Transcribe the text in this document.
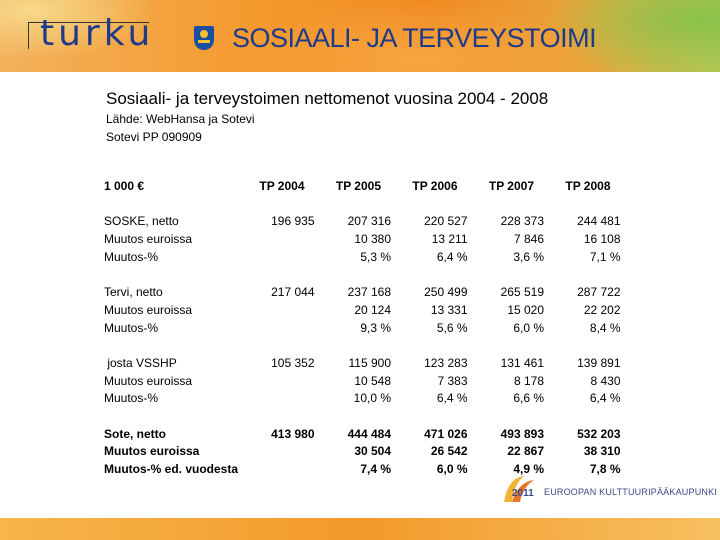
turku	SOSIAALI- JA TERVEYSTOIMI
Sosiaali- ja terveystoimen nettomenot vuosina 2004 - 2008
Lähde: WebHansa ja Sotevi
Sotevi PP 090909
1 000 €	TP 2004	TP 2005	TP 2006	TP 2007	TP 2008

SOSKE, netto	196 935	207 316	220 527	228 373	244 481
Muutos euroissa		10 380	13 211	7 846	16 108
Muutos-%		5,3 %	6,4 %	3,6 %	7,1 %

Tervi, netto	217 044	237 168	250 499	265 519	287 722
Muutos euroissa		20 124	13 331	15 020	22 202
Muutos-%		9,3 %	5,6 %	6,0 %	8,4 %

josta VSSHP	105 352	115 900	123 283	131 461	139 891
Muutos euroissa		10 548	7 383	8 178	8 430
Muutos-%		10,0 %	6,4 %	6,6 %	6,4 %

Sote, netto	413 980	444 484	471 026	493 893	532 203
Muutos euroissa		30 504	26 542	22 867	38 310
Muutos-% ed. vuodesta		7,4 %	6,0 %	4,9 %	7,8 %
2011 EUROOPAN KULTTUURIPÄÄKAUPUNKI
